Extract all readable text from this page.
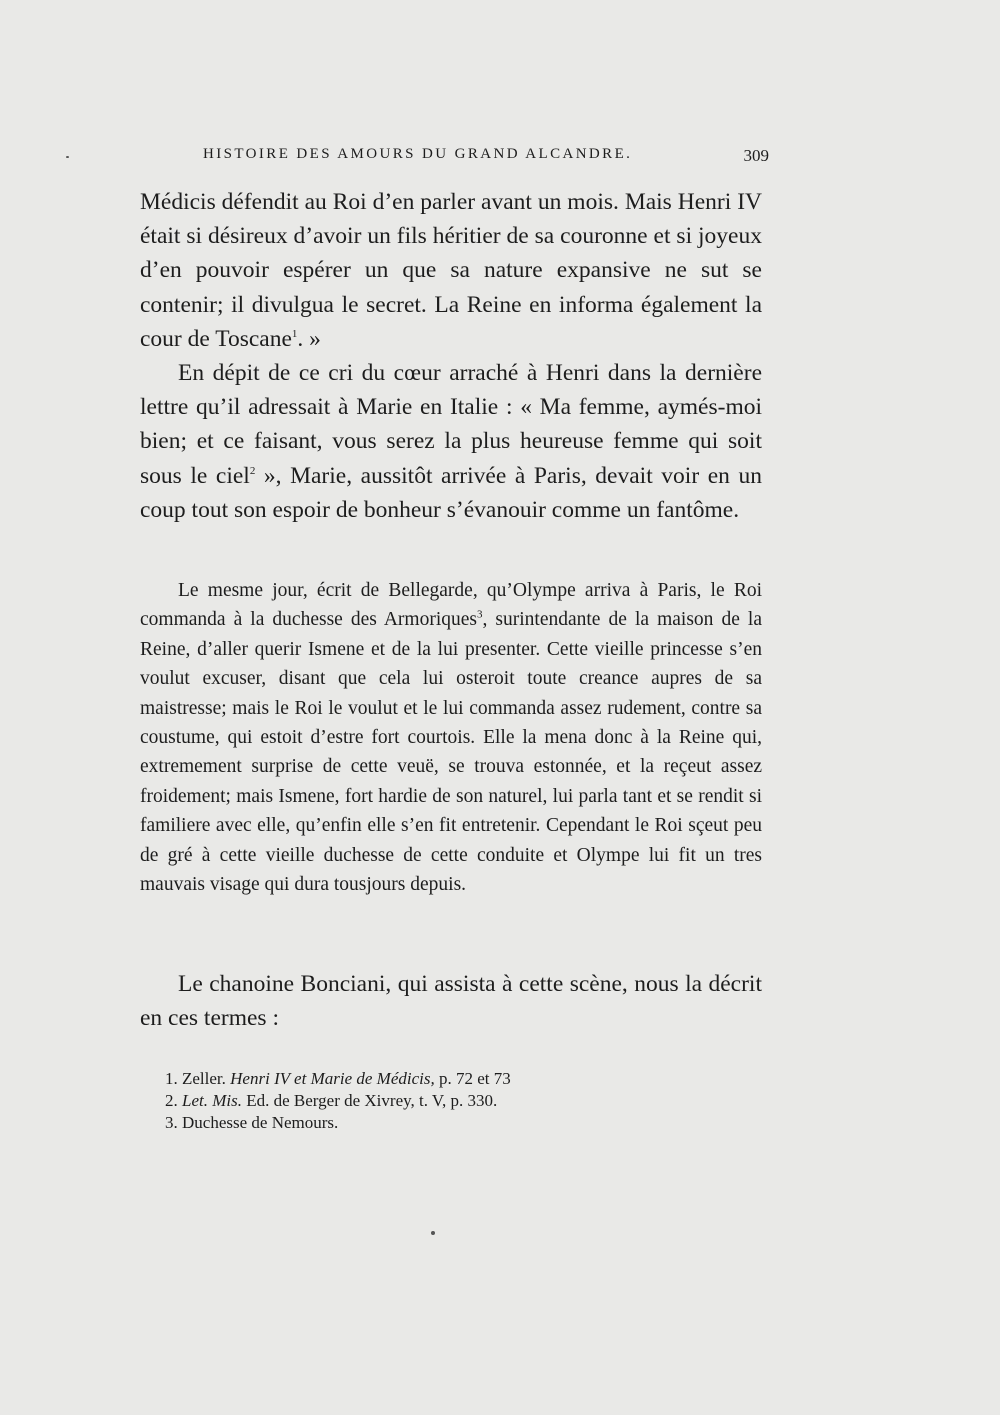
HISTOIRE DES AMOURS DU GRAND ALCANDRE.	309

Médicis défendit au Roi d’en parler avant un mois. Mais Henri IV était si désireux d’avoir un fils héritier de sa couronne et si joyeux d’en pouvoir espérer un que sa nature expansive ne sut se contenir; il divulgua le secret. La Reine en informa également la cour de Toscane$^1$. »

En dépit de ce cri du cœur arraché à Henri dans la dernière lettre qu’il adressait à Marie en Italie : « Ma femme, aymés-moi bien; et ce faisant, vous serez la plus heureuse femme qui soit sous le ciel$^2$ », Marie, aussitôt arrivée à Paris, devait voir en un coup tout son espoir de bonheur s’évanouir comme un fantôme.

Le mesme jour, écrit de Bellegarde, qu’Olympe arriva à Paris, le Roi commanda à la duchesse des Armoriques$^3$, surintendante de la maison de la Reine, d’aller querir Ismene et de la lui presenter. Cette vieille princesse s’en voulut excuser, disant que cela lui osteroit toute creance aupres de sa maistresse; mais le Roi le voulut et le lui commanda assez rudement, contre sa coustume, qui estoit d’estre fort courtois. Elle la mena donc à la Reine qui, extremement surprise de cette veuë, se trouva estonnée, et la reçeut assez froidement; mais Ismene, fort hardie de son naturel, lui parla tant et se rendit si familiere avec elle, qu’enfin elle s’en fit entretenir. Cependant le Roi sçeut peu de gré à cette vieille duchesse de cette conduite et Olympe lui fit un tres mauvais visage qui dura tousjours depuis.

Le chanoine Bonciani, qui assista à cette scène, nous la décrit en ces termes :

1. Zeller. Henri IV et Marie de Médicis, p. 72 et 73
2. Let. Mis. Ed. de Berger de Xivrey, t. V, p. 330.
3. Duchesse de Nemours.
